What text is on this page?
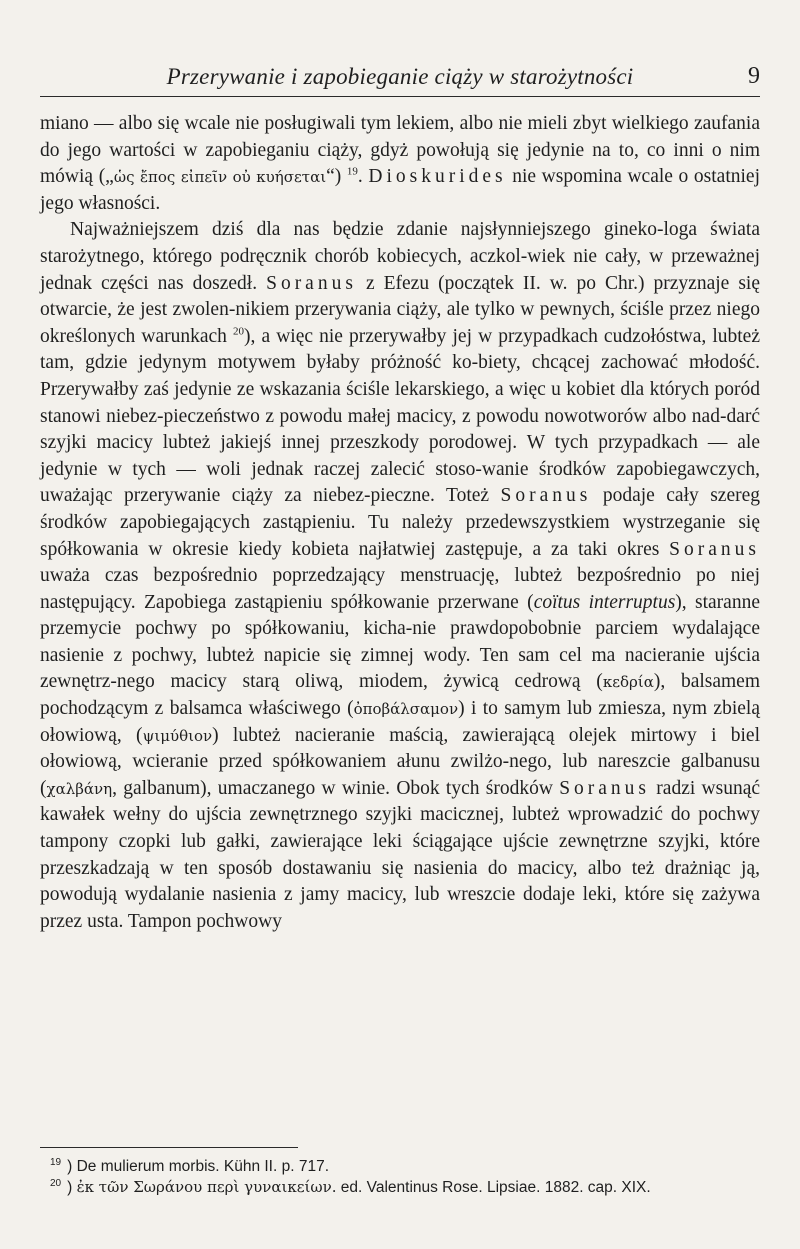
Przerywanie i zapobieganie ciąży w starożytności	9

miano — albo się wcale nie posługiwali tym lekiem, albo nie mieli zbyt wielkiego zaufania do jego wartości w zapobieganiu ciąży, gdyż powołują się jedynie na to, co inni o nim mówią („ὡς ἔπος εἰπεῖν οὐ κυήσεται“) $^{19}$. Dioskurides nie wspomina wcale o ostatniej jego własności.

Najważniejszem dziś dla nas będzie zdanie najsłynniejszego gineko-loga świata starożytnego, którego podręcznik chorób kobiecych, aczkol-wiek nie cały, w przeważnej jednak części nas doszedł. Soranus z Efezu (początek II. w. po Chr.) przyznaje się otwarcie, że jest zwolen-nikiem przerywania ciąży, ale tylko w pewnych, ściśle przez niego określonych warunkach $^{20}$), a więc nie przerywałby jej w przypadkach cudzołóstwa, lubteż tam, gdzie jedynym motywem byłaby próżność ko-biety, chcącej zachować młodość. Przerywałby zaś jedynie ze wskazania ściśle lekarskiego, a więc u kobiet dla których poród stanowi niebez-pieczeństwo z powodu małej macicy, z powodu nowotworów albo nad-darć szyjki macicy lubteż jakiejś innej przeszkody porodowej. W tych przypadkach — ale jedynie w tych — woli jednak raczej zalecić stoso-wanie środków zapobiegawczych, uważając przerywanie ciąży za niebez-pieczne. Toteż Soranus podaje cały szereg środków zapobiegających zastąpieniu. Tu należy przedewszystkiem wystrzeganie się spółkowania w okresie kiedy kobieta najłatwiej zastępuje, a za taki okres Soranus uważa czas bezpośrednio poprzedzający menstruację, lubteż bezpośrednio po niej następujący. Zapobiega zastąpieniu spółkowanie przerwane (coïtus interruptus), staranne przemycie pochwy po spółkowaniu, kicha-nie prawdopobobnie parciem wydalające nasienie z pochwy, lubteż napicie się zimnej wody. Ten sam cel ma nacieranie ujścia zewnętrz-nego macicy starą oliwą, miodem, żywicą cedrową (κεδρία), balsamem pochodzącym z balsamca właściwego (ὀποβάλσαμον) i to samym lub zmiesza, nym zbielą ołowiową, (ψιμύθιον) lubteż nacieranie maścią, zawierającą olejek mirtowy i biel ołowiową, wcieranie przed spółkowaniem ałunu zwilżo-nego, lub nareszcie galbanusu (χαλβάνη, galbanum), umaczanego w winie. Obok tych środków Soranus radzi wsunąć kawałek wełny do ujścia zewnętrznego szyjki macicznej, lubteż wprowadzić do pochwy tampony czopki lub gałki, zawierające leki ściągające ujście zewnętrzne szyjki, które przeszkadzają w ten sposób dostawaniu się nasienia do macicy, albo też drażniąc ją, powodują wydalanie nasienia z jamy macicy, lub wreszcie dodaje leki, które się zażywa przez usta. Tampon pochwowy

$^{19}$ ) De mulierum morbis. Kühn II. p. 717.
$^{20}$ ) ἐκ τῶν Σωράνου περὶ γυναικείων. ed. Valentinus Rose. Lipsiae. 1882. cap. XIX.
